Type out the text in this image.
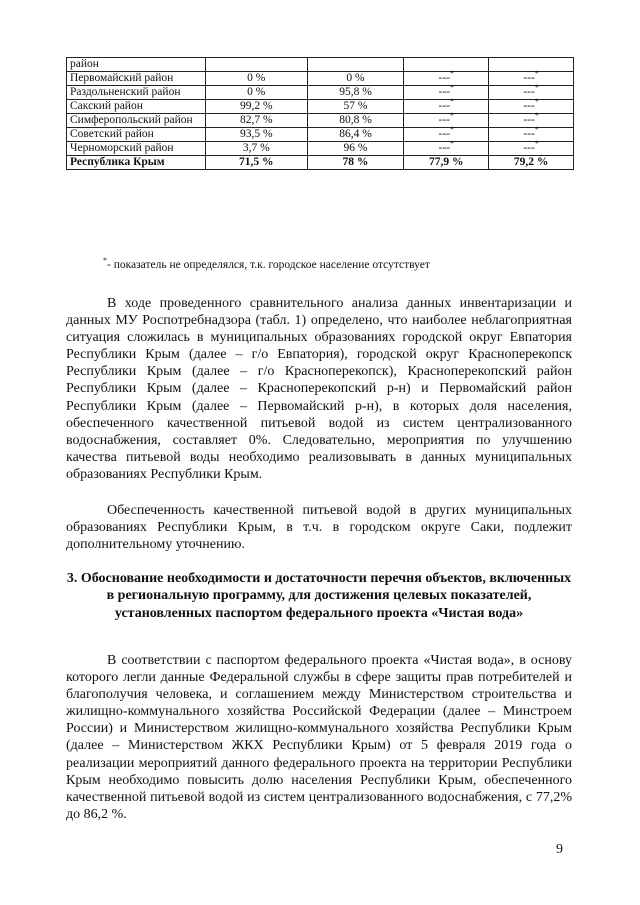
район				
Первомайский район	0 %	0 %	---*	---*
Раздольненский район	0 %	95,8 %	---*	---*
Сакский район	99,2 %	57 %	---*	---*
Симферопольский район	82,7 %	80,8 %	---*	---*
Советский район	93,5 %	86,4 %	---*	---*
Черноморский район	3,7 %	96 %	---*	---*
Республика Крым	71,5 %	78 %	77,9 %	79,2 %
*- показатель не определялся, т.к. городское население отсутствует

В ходе проведенного сравнительного анализа данных инвентаризации и данных МУ Роспотребнадзора (табл. 1) определено, что наиболее неблагоприятная ситуация сложилась в муниципальных образованиях городской округ Евпатория Республики Крым (далее – г/о Евпатория), городской округ Красноперекопск Республики Крым (далее – г/о Красноперекопск), Красноперекопский район Республики Крым (далее – Красноперекопский р-н) и Первомайский район Республики Крым (далее – Первомайский р-н), в которых доля населения, обеспеченного качественной питьевой водой из систем централизованного водоснабжения, составляет 0%. Следовательно, мероприятия по улучшению качества питьевой воды необходимо реализовывать в данных муниципальных образованиях Республики Крым.

Обеспеченность качественной питьевой водой в других муниципальных образованиях Республики Крым, в т.ч. в городском округе Саки, подлежит дополнительному уточнению.

3. Обоснование необходимости и достаточности перечня объектов, включенных в региональную программу, для достижения целевых показателей, установленных паспортом федерального проекта «Чистая вода»

В соответствии с паспортом федерального проекта «Чистая вода», в основу которого легли данные Федеральной службы в сфере защиты прав потребителей и благополучия человека, и соглашением между Министерством строительства и жилищно-коммунального хозяйства Российской Федерации (далее – Минстроем России) и Министерством жилищно-коммунального хозяйства Республики Крым (далее – Министерством ЖКХ Республики Крым) от 5 февраля 2019 года о реализации мероприятий данного федерального проекта на территории Республики Крым необходимо повысить долю населения Республики Крым, обеспеченного качественной питьевой водой из систем централизованного водоснабжения, с 77,2% до 86,2 %.

9
